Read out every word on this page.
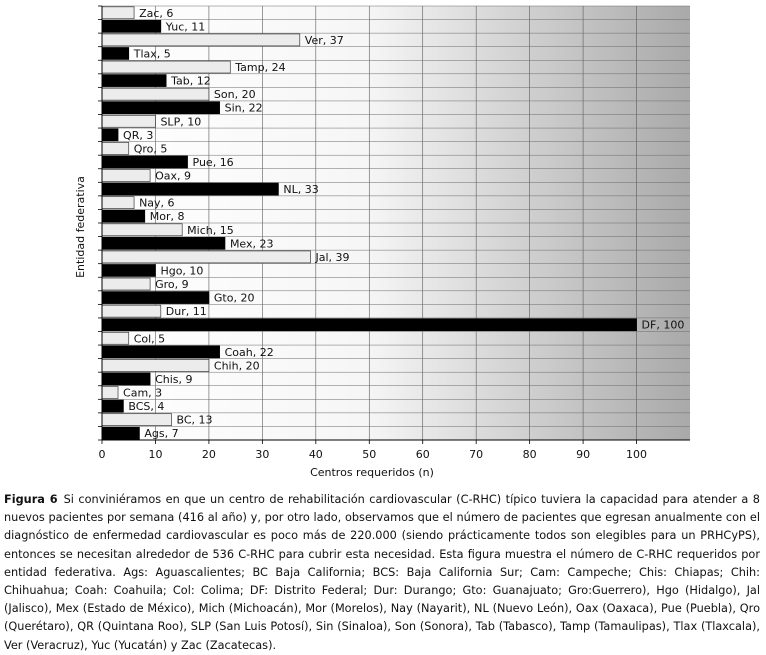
Zac, 6
Yuc, 11
Ver, 37
Tlax, 5
Tamp, 24
Tab, 12
Son, 20
Sin, 22
SLP, 10
QR, 3
Qro, 5
Pue, 16
Oax, 9
NL, 33
Nay, 6
Mor, 8
Mich, 15
Mex, 23
Jal, 39
Hgo, 10
Gro, 9
Gto, 20
Dur, 11
DF, 100
Col, 5
Coah, 22
Chih, 20
Chis, 9
Cam, 3
BCS, 4
BC, 13
Ags, 7
0	10	20	30	40	50	60	70	80	90	100
Centros requeridos (n)
Entidad federativa

Figura 6 Si conviniéramos en que un centro de rehabilitación cardiovascular (C-RHC) típico tuviera la capacidad para atender a 8 nuevos pacientes por semana (416 al año) y, por otro lado, observamos que el número de pacientes que egresan anualmente con el diagnóstico de enfermedad cardiovascular es poco más de 220.000 (siendo prácticamente todos son elegibles para un PRHCyPS), entonces se necesitan alrededor de 536 C-RHC para cubrir esta necesidad. Esta figura muestra el número de C-RHC requeridos por entidad federativa. Ags: Aguascalientes; BC Baja California; BCS: Baja California Sur; Cam: Campeche; Chis: Chiapas; Chih: Chihuahua; Coah: Coahuila; Col: Colima; DF: Distrito Federal; Dur: Durango; Gto: Guanajuato; Gro:Guerrero), Hgo (Hidalgo), Jal (Jalisco), Mex (Estado de México), Mich (Michoacán), Mor (Morelos), Nay (Nayarit), NL (Nuevo León), Oax (Oaxaca), Pue (Puebla), Qro (Querétaro), QR (Quintana Roo), SLP (San Luis Potosí), Sin (Sinaloa), Son (Sonora), Tab (Tabasco), Tamp (Tamaulipas), Tlax (Tlaxcala), Ver (Veracruz), Yuc (Yucatán) y Zac (Zacatecas).
